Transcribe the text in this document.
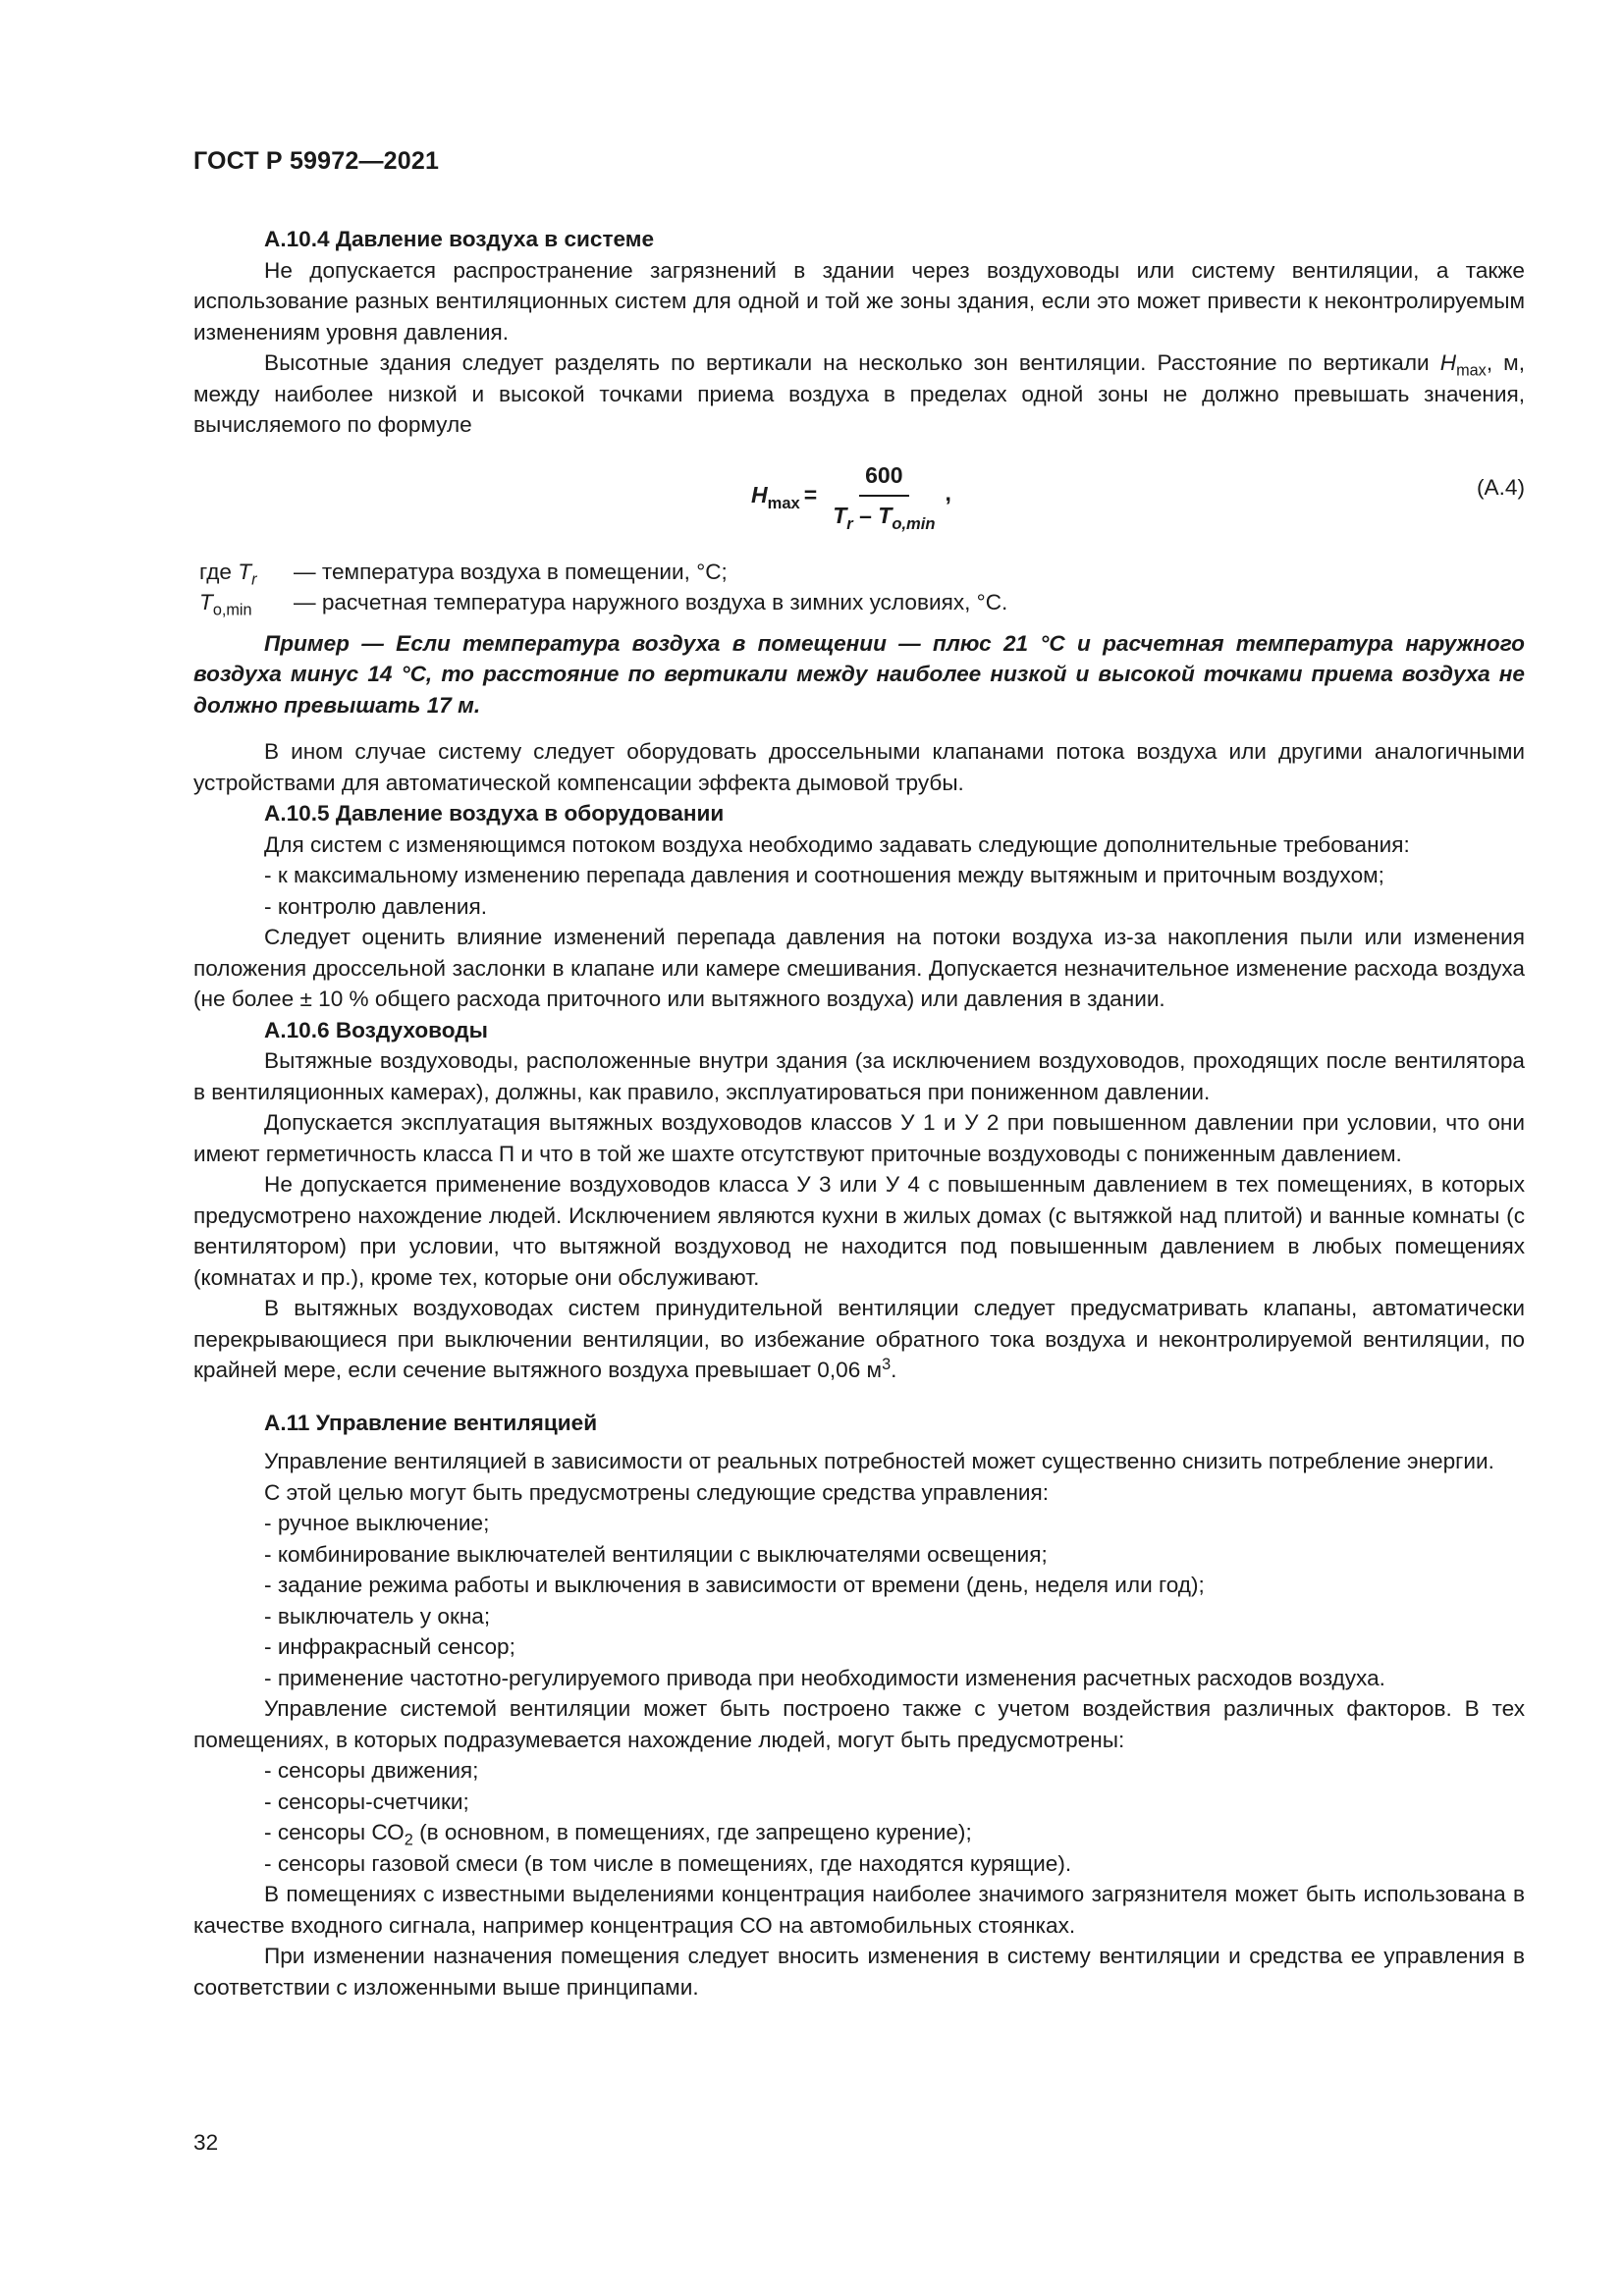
ГОСТ Р 59972—2021

А.10.4 Давление воздуха в системе

Не допускается распространение загрязнений в здании через воздуховоды или систему вентиляции, а также использование разных вентиляционных систем для одной и той же зоны здания, если это может привести к неконтролируемым изменениям уровня давления.

Высотные здания следует разделять по вертикали на несколько зон вентиляции. Расстояние по вертикали $H_{max}$, м, между наиболее низкой и высокой точками приема воздуха в пределах одной зоны не должно превышать значения, вычисляемого по формуле

$H_{max} = \frac{600}{T_r - T_{o,min}}$ ,	(А.4)
где $T_r$	— температура воздуха в помещении, °С;
$T_{o,min}$	— расчетная температура наружного воздуха в зимних условиях, °С.

Пример — Если температура воздуха в помещении — плюс 21 °С и расчетная температура наружного воздуха минус 14 °С, то расстояние по вертикали между наиболее низкой и высокой точками приема воздуха не должно превышать 17 м.

В ином случае систему следует оборудовать дроссельными клапанами потока воздуха или другими аналогичными устройствами для автоматической компенсации эффекта дымовой трубы.

А.10.5 Давление воздуха в оборудовании

Для систем с изменяющимся потоком воздуха необходимо задавать следующие дополнительные требования:

- к максимальному изменению перепада давления и соотношения между вытяжным и приточным воздухом;
- контролю давления.

Следует оценить влияние изменений перепада давления на потоки воздуха из-за накопления пыли или изменения положения дроссельной заслонки в клапане или камере смешивания. Допускается незначительное изменение расхода воздуха (не более ± 10 % общего расхода приточного или вытяжного воздуха) или давления в здании.

А.10.6 Воздуховоды

Вытяжные воздуховоды, расположенные внутри здания (за исключением воздуховодов, проходящих после вентилятора в вентиляционных камерах), должны, как правило, эксплуатироваться при пониженном давлении.

Допускается эксплуатация вытяжных воздуховодов классов У 1 и У 2 при повышенном давлении при условии, что они имеют герметичность класса П и что в той же шахте отсутствуют приточные воздуховоды с пониженным давлением.

Не допускается применение воздуховодов класса У 3 или У 4 с повышенным давлением в тех помещениях, в которых предусмотрено нахождение людей. Исключением являются кухни в жилых домах (с вытяжкой над плитой) и ванные комнаты (с вентилятором) при условии, что вытяжной воздуховод не находится под повышенным давлением в любых помещениях (комнатах и пр.), кроме тех, которые они обслуживают.

В вытяжных воздуховодах систем принудительной вентиляции следует предусматривать клапаны, автоматически перекрывающиеся при выключении вентиляции, во избежание обратного тока воздуха и неконтролируемой вентиляции, по крайней мере, если сечение вытяжного воздуха превышает 0,06 $м^3$.

А.11 Управление вентиляцией

Управление вентиляцией в зависимости от реальных потребностей может существенно снизить потребление энергии.

С этой целью могут быть предусмотрены следующие средства управления:

- ручное выключение;
- комбинирование выключателей вентиляции с выключателями освещения;
- задание режима работы и выключения в зависимости от времени (день, неделя или год);
- выключатель у окна;
- инфракрасный сенсор;
- применение частотно-регулируемого привода при необходимости изменения расчетных расходов воздуха.

Управление системой вентиляции может быть построено также с учетом воздействия различных факторов. В тех помещениях, в которых подразумевается нахождение людей, могут быть предусмотрены:

- сенсоры движения;
- сенсоры-счетчики;
- сенсоры $СО_2$ (в основном, в помещениях, где запрещено курение);
- сенсоры газовой смеси (в том числе в помещениях, где находятся курящие).

В помещениях с известными выделениями концентрация наиболее значимого загрязнителя может быть использована в качестве входного сигнала, например концентрация СО на автомобильных стоянках.

При изменении назначения помещения следует вносить изменения в систему вентиляции и средства ее управления в соответствии с изложенными выше принципами.

32
